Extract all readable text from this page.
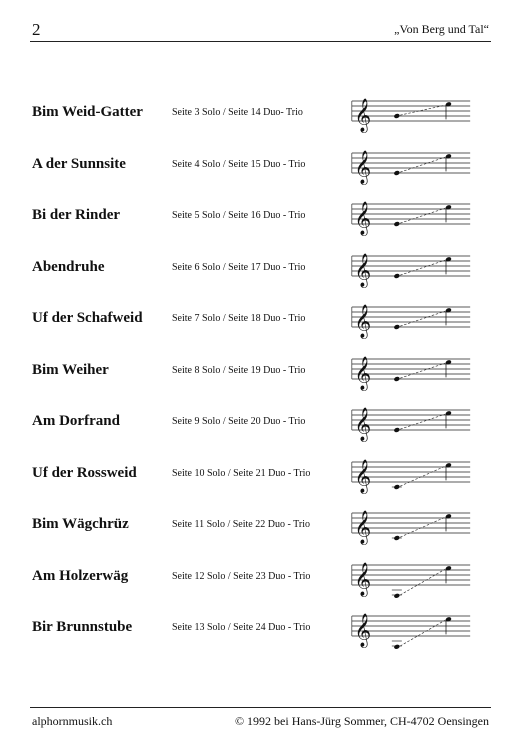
2	„Von Berg und Tal“
Bim Weid-Gatter	Seite 3 Solo / Seite 14 Duo- Trio 𝄞
A der Sunnsite	Seite 4 Solo / Seite 15 Duo - Trio 𝄞
Bi der Rinder	Seite 5 Solo / Seite 16 Duo - Trio 𝄞
Abendruhe	Seite 6 Solo / Seite 17 Duo - Trio 𝄞
Uf der Schafweid	Seite 7 Solo / Seite 18 Duo - Trio 𝄞
Bim Weiher	Seite 8 Solo / Seite 19 Duo - Trio 𝄞
Am Dorfrand	Seite 9 Solo / Seite 20 Duo - Trio 𝄞
Uf der Rossweid	Seite 10 Solo / Seite 21 Duo - Trio 𝄞
Bim Wägchrüz	Seite 11 Solo / Seite 22 Duo - Trio 𝄞
Am Holzerwäg	Seite 12 Solo / Seite 23 Duo - Trio 𝄞
Bir Brunnstube	Seite 13 Solo / Seite 24 Duo - Trio 𝄞
alphornmusik.ch	© 1992 bei Hans-Jürg Sommer, CH-4702 Oensingen
